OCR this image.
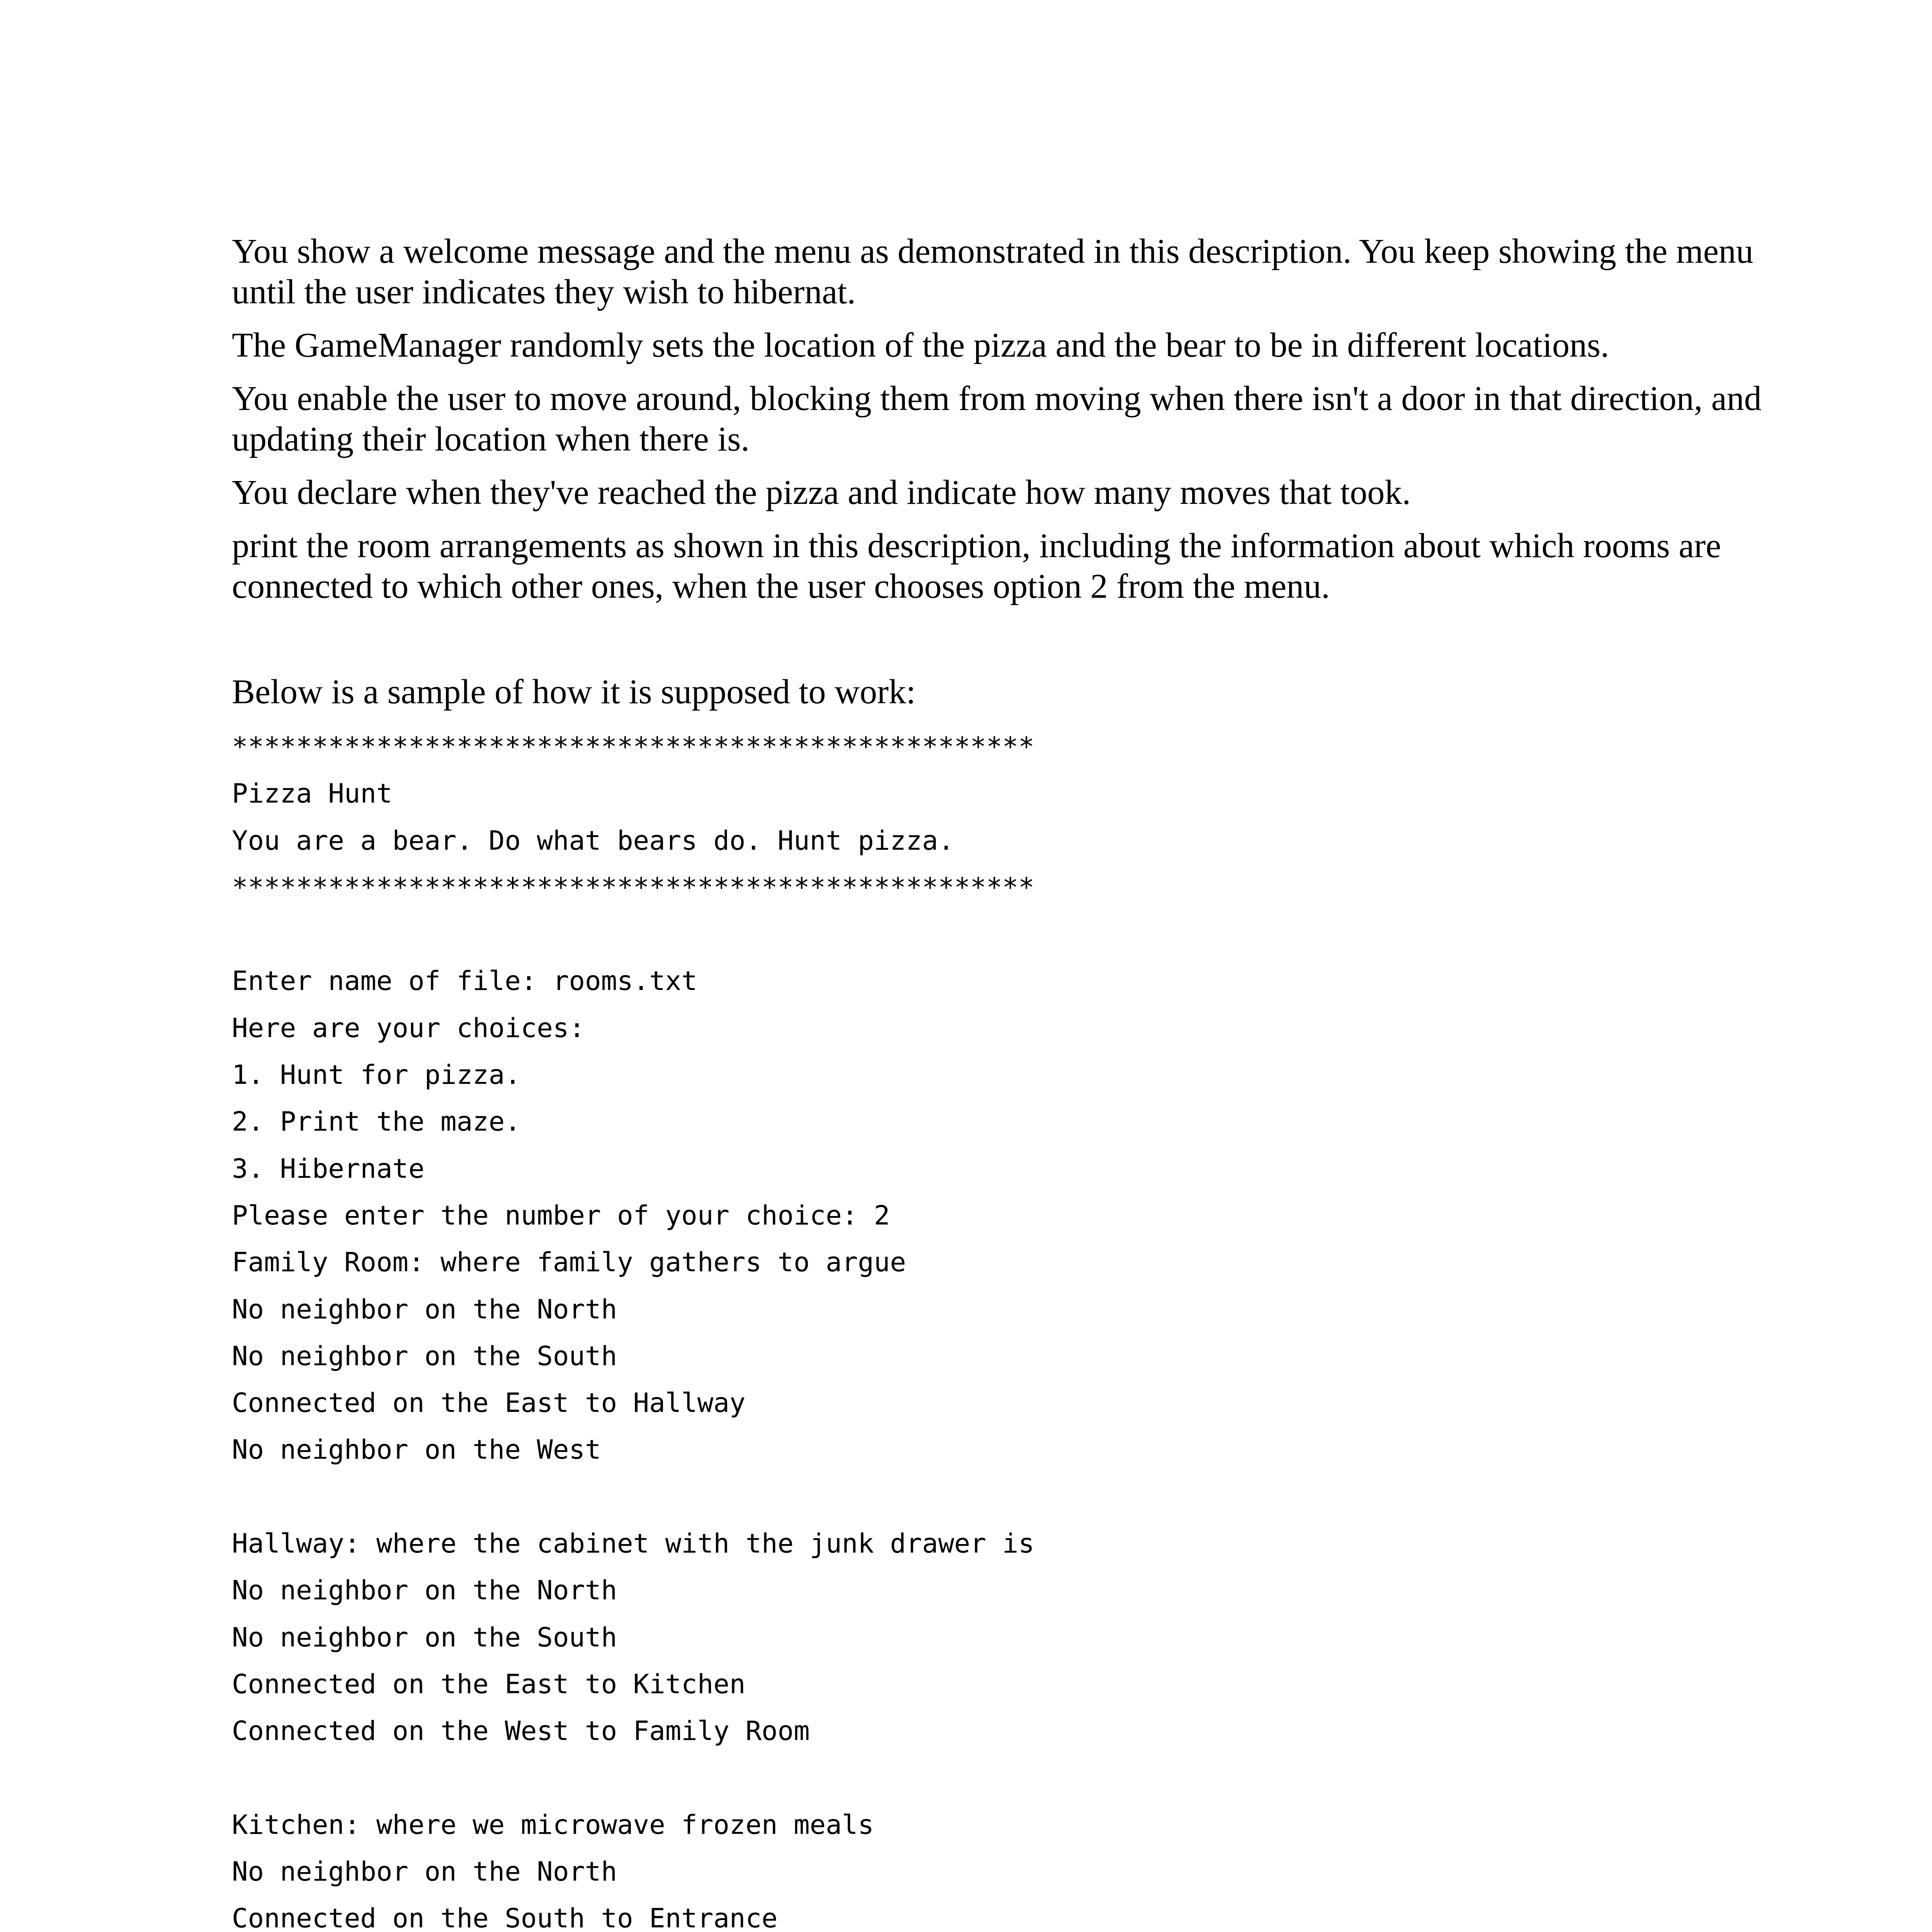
You show a welcome message and the menu as demonstrated in this description. You keep showing the menu until the user indicates they wish to hibernat.

The GameManager randomly sets the location of the pizza and the bear to be in different locations.

You enable the user to move around, blocking them from moving when there isn't a door in that direction, and updating their location when there is.

You declare when they've reached the pizza and indicate how many moves that took.

print the room arrangements as shown in this description, including the information about which rooms are connected to which other ones, when the user chooses option 2 from the menu.

Below is a sample of how it is supposed to work:

**************************************************
Pizza Hunt
You are a bear. Do what bears do. Hunt pizza.
**************************************************
Enter name of file: rooms.txt
Here are your choices:
1. Hunt for pizza.
2. Print the maze.
3. Hibernate
Please enter the number of your choice: 2
Family Room: where family gathers to argue
No neighbor on the North
No neighbor on the South
Connected on the East to Hallway
No neighbor on the West
Hallway: where the cabinet with the junk drawer is
No neighbor on the North
No neighbor on the South
Connected on the East to Kitchen
Connected on the West to Family Room
Kitchen: where we microwave frozen meals
No neighbor on the North
Connected on the South to Entrance
